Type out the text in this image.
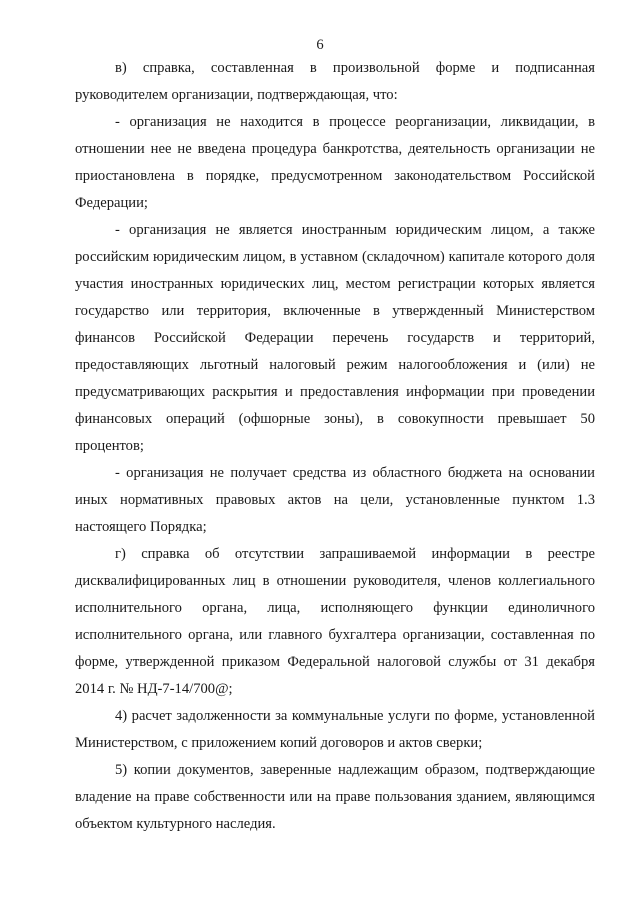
6

в) справка, составленная в произвольной форме и подписанная руководителем организации, подтверждающая, что:

- организация не находится в процессе реорганизации, ликвидации, в отношении нее не введена процедура банкротства, деятельность организации не приостановлена в порядке, предусмотренном законодательством Российской Федерации;

- организация не является иностранным юридическим лицом, а также российским юридическим лицом, в уставном (складочном) капитале которого доля участия иностранных юридических лиц, местом регистрации которых является государство или территория, включенные в утвержденный Министерством финансов Российской Федерации перечень государств и территорий, предоставляющих льготный налоговый режим налогообложения и (или) не предусматривающих раскрытия и предоставления информации при проведении финансовых операций (офшорные зоны), в совокупности превышает 50 процентов;

- организация не получает средства из областного бюджета на основании иных нормативных правовых актов на цели, установленные пунктом 1.3 настоящего Порядка;

г) справка об отсутствии запрашиваемой информации в реестре дисквалифицированных лиц в отношении руководителя, членов коллегиального исполнительного органа, лица, исполняющего функции единоличного исполнительного органа, или главного бухгалтера организации, составленная по форме, утвержденной приказом Федеральной налоговой службы от 31 декабря 2014 г. № НД-7-14/700@;

4) расчет задолженности за коммунальные услуги по форме, установленной Министерством, с приложением копий договоров и актов сверки;

5) копии документов, заверенные надлежащим образом, подтверждающие владение на праве собственности или на праве пользования зданием, являющимся объектом культурного наследия.
